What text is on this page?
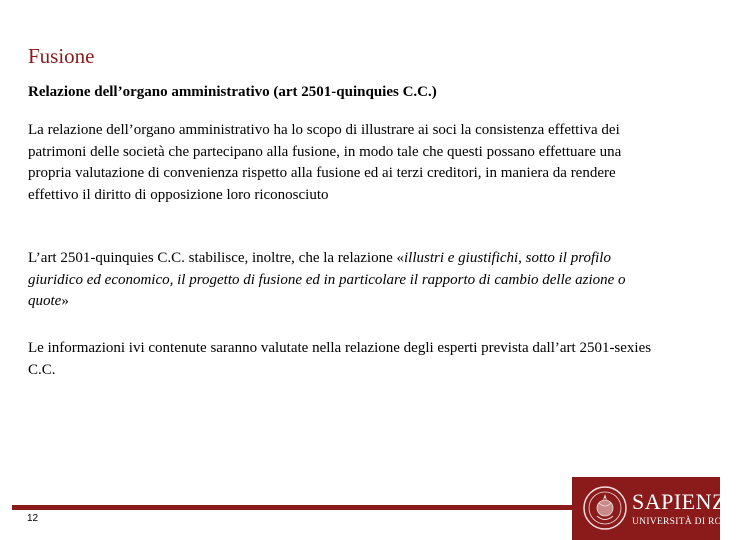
Fusione

Relazione dell’organo amministrativo (art 2501-quinquies C.C.)

La relazione dell’organo amministrativo ha lo scopo di illustrare ai soci la consistenza effettiva dei patrimoni delle società che partecipano alla fusione, in modo tale che questi possano effettuare una propria valutazione di convenienza rispetto alla fusione ed ai terzi creditori, in maniera da rendere effettivo il diritto di opposizione loro riconosciuto

L’art 2501-quinquies C.C. stabilisce, inoltre, che la relazione «illustri e giustifichi, sotto il profilo giuridico ed economico, il progetto di fusione ed in particolare il rapporto di cambio delle azione o quote»

Le informazioni ivi contenute saranno valutate nella relazione degli esperti prevista dall’art 2501-sexies C.C.

12
SAPIENZA
UNIVERSITÀ DI ROMA
